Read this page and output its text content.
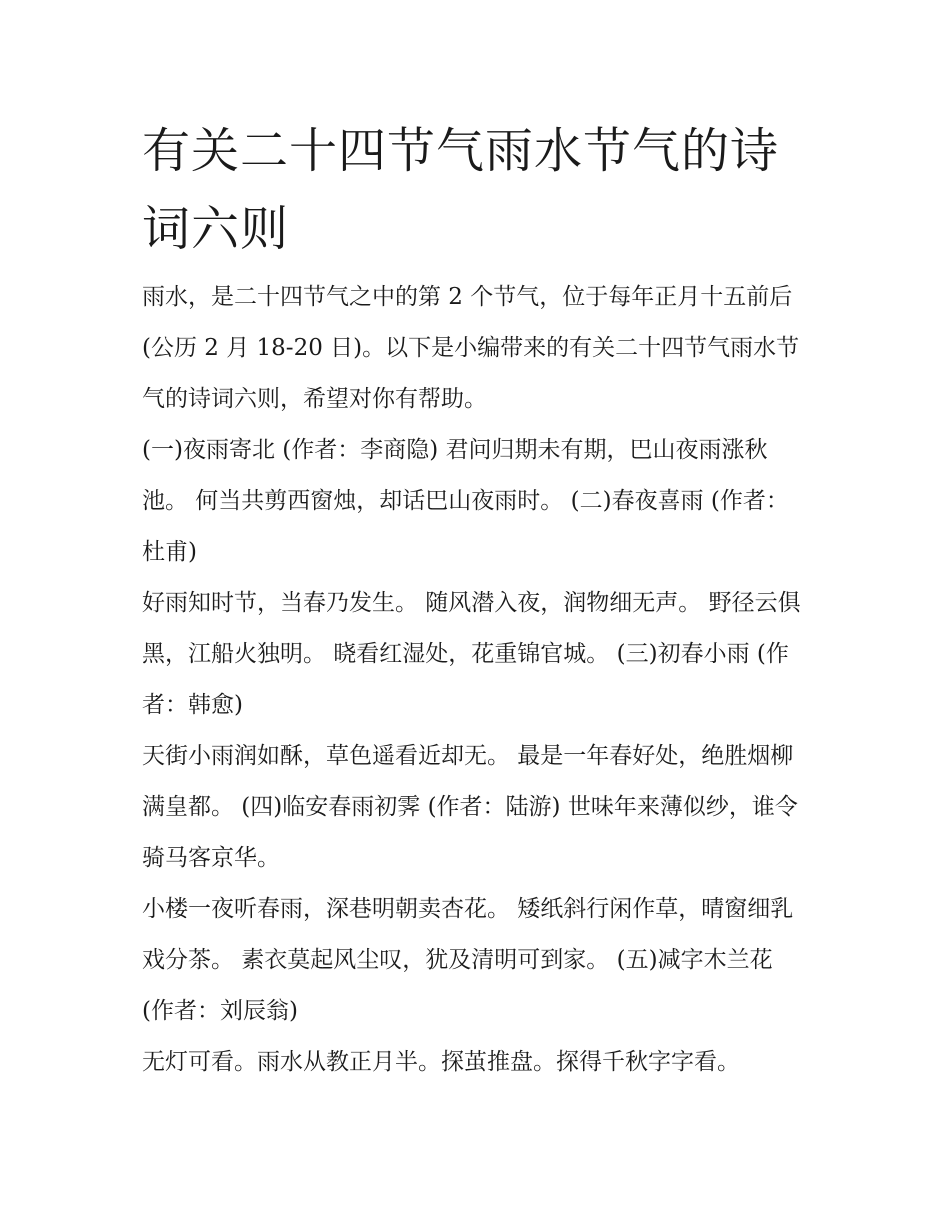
有关二十四节气雨水节气的诗词六则

雨水，是二十四节气之中的第 2 个节气，位于每年正月十五前后(公历 2 月 18-20 日)。以下是小编带来的有关二十四节气雨水节气的诗词六则，希望对你有帮助。

(一)夜雨寄北 (作者：李商隐) 君问归期未有期，巴山夜雨涨秋池。 何当共剪西窗烛，却话巴山夜雨时。 (二)春夜喜雨 (作者：杜甫)

好雨知时节，当春乃发生。 随风潜入夜，润物细无声。 野径云俱黑，江船火独明。 晓看红湿处，花重锦官城。 (三)初春小雨 (作者：韩愈)

天街小雨润如酥，草色遥看近却无。 最是一年春好处，绝胜烟柳满皇都。 (四)临安春雨初霁 (作者：陆游) 世味年来薄似纱，谁令骑马客京华。

小楼一夜听春雨，深巷明朝卖杏花。 矮纸斜行闲作草，晴窗细乳戏分茶。 素衣莫起风尘叹，犹及清明可到家。 (五)减字木兰花 (作者：刘辰翁)

无灯可看。雨水从教正月半。探茧推盘。探得千秋字字看。
